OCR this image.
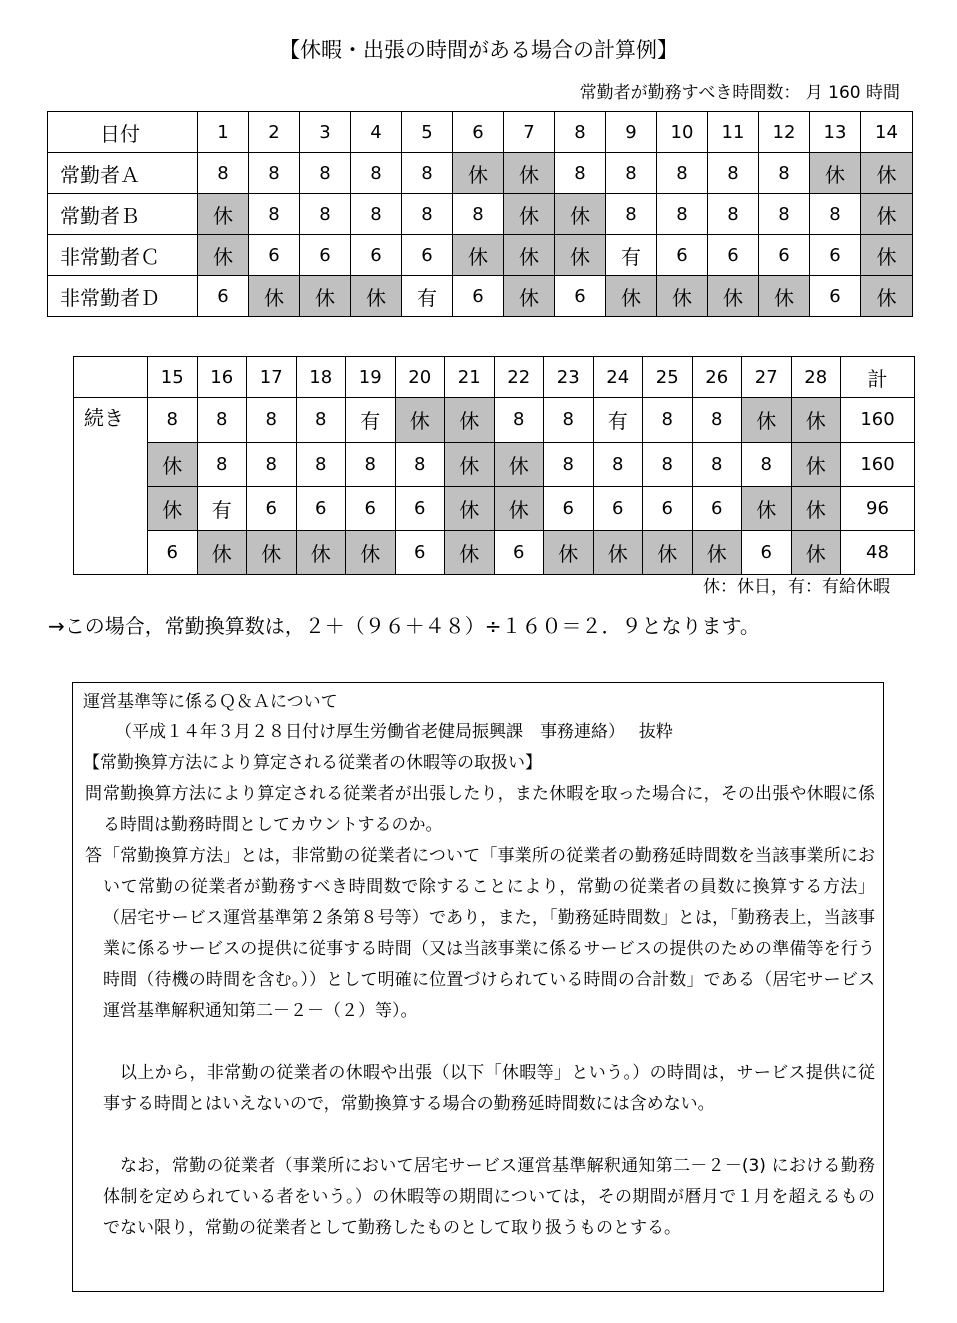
【休暇・出張の時間がある場合の計算例】
常勤者が勤務すべき時間数： 月 160 時間
日付	1	2	3	4	5	6	7	8	9	10	11	12	13	14
常勤者Ａ	8	8	8	8	8	休	休	8	8	8	8	8	休	休
常勤者Ｂ	休	8	8	8	8	8	休	休	8	8	8	8	8	休
非常勤者Ｃ	休	6	6	6	6	休	休	休	有	6	6	6	6	休
非常勤者Ｄ	6	休	休	休	有	6	休	6	休	休	休	休	6	休
	15	16	17	18	19	20	21	22	23	24	25	26	27	28	計
続き	8	8	8	8	有	休	休	8	8	有	8	8	休	休	160
	休	8	8	8	8	8	休	休	8	8	8	8	8	休	160
	休	有	6	6	6	6	休	休	6	6	6	6	休	休	96
	6	休	休	休	休	6	休	6	休	休	休	休	6	休	48
休：休日，有：有給休暇
→この場合，常勤換算数は，２＋（９６＋４８）÷１６０＝２．９となります。

運営基準等に係るＱ＆Ａについて

（平成１４年３月２８日付け厚生労働省老健局振興課　事務連絡）　 抜粋

【常勤換算方法により算定される従業者の休暇等の取扱い】

問 常勤換算方法により算定される従業者が出張したり，また休暇を取った場合に，その出張や休暇に係る時間は勤務時間としてカウントするのか。

答 「常勤換算方法」とは，非常勤の従業者について「事業所の従業者の勤務延時間数を当該事業所において常勤の従業者が勤務すべき時間数で除することにより，常勤の従業者の員数に換算する方法」（居宅サービス運営基準第２条第８号等）であり，また，「勤務延時間数」とは，「勤務表上，当該事業に係るサービスの提供に従事する時間（又は当該事業に係るサービスの提供のための準備等を行う時間（待機の時間を含む。））として明確に位置づけられている時間の合計数」である（居宅サービス運営基準解釈通知第二－２－（２）等）。

以上から，非常勤の従業者の休暇や出張（以下「休暇等」という。）の時間は，サービス提供に従事する時間とはいえないので，常勤換算する場合の勤務延時間数には含めない。

なお，常勤の従業者（事業所において居宅サービス運営基準解釈通知第二－２－(3) における勤務体制を定められている者をいう。）の休暇等の期間については，その期間が暦月で１月を超えるものでない限り，常勤の従業者として勤務したものとして取り扱うものとする。
